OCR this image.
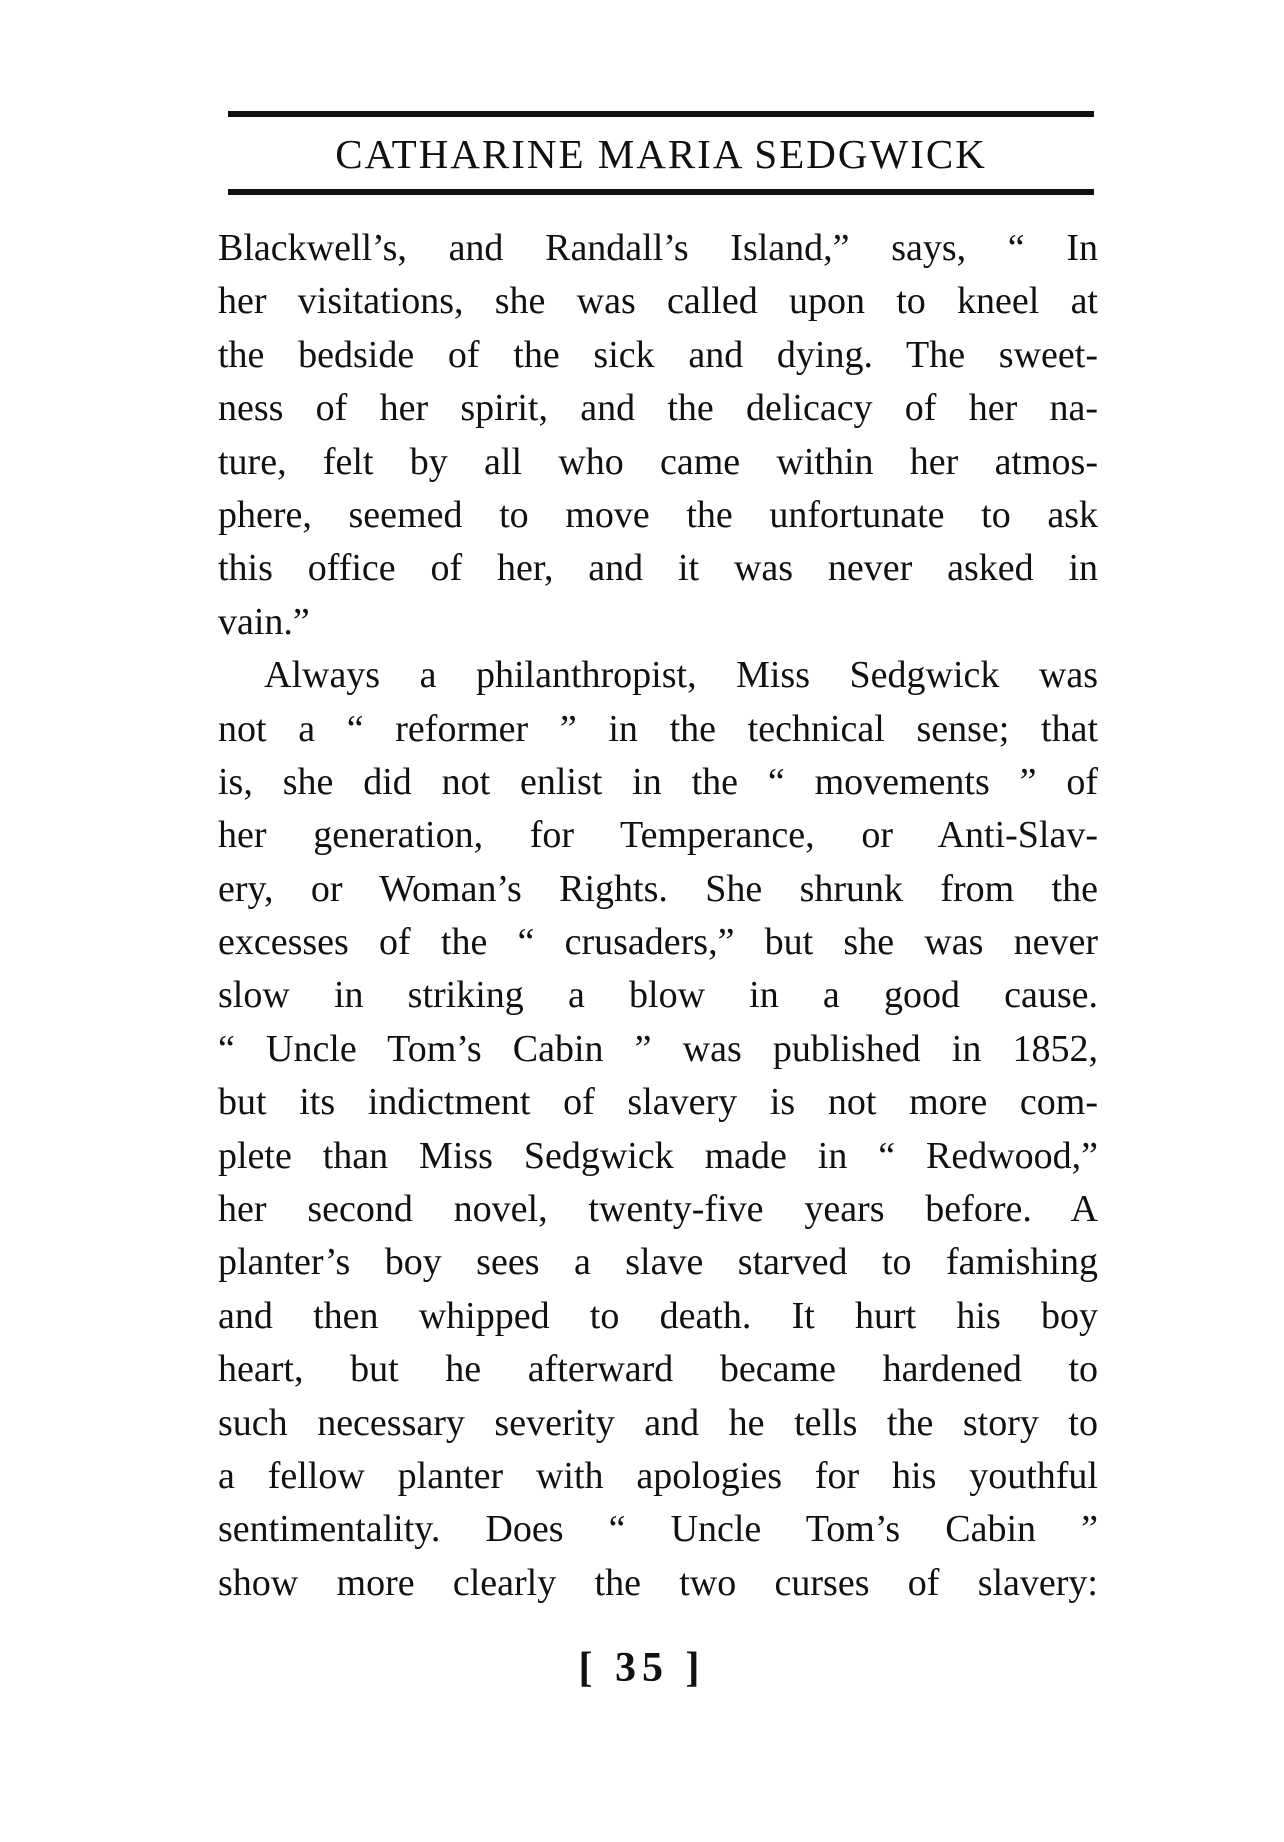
CATHARINE MARIA SEDGWICK
Blackwell’s, and Randall’s Island,” says, “ In
her visitations, she was called upon to kneel at
the bedside of the sick and dying. The sweet-
ness of her spirit, and the delicacy of her na-
ture, felt by all who came within her atmos-
phere, seemed to move the unfortunate to ask
this office of her, and it was never asked in
vain.”
Always a philanthropist, Miss Sedgwick was
not a “ reformer ” in the technical sense; that
is, she did not enlist in the “ movements ” of
her generation, for Temperance, or Anti-Slav-
ery, or Woman’s Rights. She shrunk from the
excesses of the “ crusaders,” but she was never
slow in striking a blow in a good cause.
“ Uncle Tom’s Cabin ” was published in 1852,
but its indictment of slavery is not more com-
plete than Miss Sedgwick made in “ Redwood,”
her second novel, twenty-five years before. A
planter’s boy sees a slave starved to famishing
and then whipped to death. It hurt his boy
heart, but he afterward became hardened to
such necessary severity and he tells the story to
a fellow planter with apologies for his youthful
sentimentality. Does “ Uncle Tom’s Cabin ”
show more clearly the two curses of slavery:
[ 35 ]
